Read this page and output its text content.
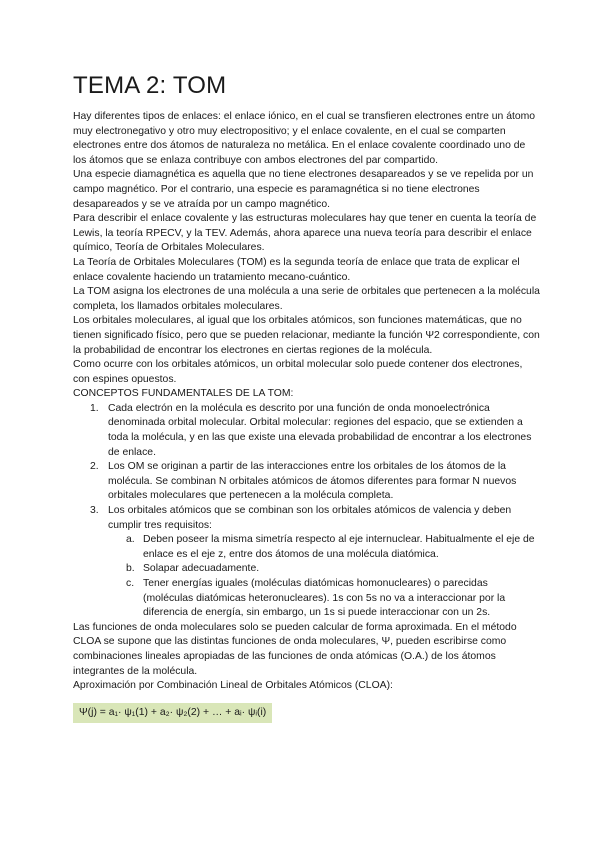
TEMA 2: TOM

Hay diferentes tipos de enlaces: el enlace iónico, en el cual se transfieren electrones entre un átomo muy electronegativo y otro muy electropositivo; y el enlace covalente, en el cual se comparten electrones entre dos átomos de naturaleza no metálica. En el enlace covalente coordinado uno de los átomos que se enlaza contribuye con ambos electrones del par compartido.

Una especie diamagnética es aquella que no tiene electrones desapareados y se ve repelida por un campo magnético. Por el contrario, una especie es paramagnética si no tiene electrones desapareados y se ve atraída por un campo magnético.

Para describir el enlace covalente y las estructuras moleculares hay que tener en cuenta la teoría de Lewis, la teoría RPECV, y la TEV. Además, ahora aparece una nueva teoría para describir el enlace químico, Teoría de Orbitales Moleculares.

La Teoría de Orbitales Moleculares (TOM) es la segunda teoría de enlace que trata de explicar el enlace covalente haciendo un tratamiento mecano-cuántico.

La TOM asigna los electrones de una molécula a una serie de orbitales que pertenecen a la molécula completa, los llamados orbitales moleculares.

Los orbitales moleculares, al igual que los orbitales atómicos, son funciones matemáticas, que no tienen significado físico, pero que se pueden relacionar, mediante la función Ψ2 correspondiente, con la probabilidad de encontrar los electrones en ciertas regiones de la molécula.

Como ocurre con los orbitales atómicos, un orbital molecular solo puede contener dos electrones, con espines opuestos.

CONCEPTOS FUNDAMENTALES DE LA TOM:

1. Cada electrón en la molécula es descrito por una función de onda monoelectrónica denominada orbital molecular. Orbital molecular: regiones del espacio, que se extienden a toda la molécula, y en las que existe una elevada probabilidad de encontrar a los electrones de enlace.
2. Los OM se originan a partir de las interacciones entre los orbitales de los átomos de la molécula. Se combinan N orbitales atómicos de átomos diferentes para formar N nuevos orbitales moleculares que pertenecen a la molécula completa.
3. Los orbitales atómicos que se combinan son los orbitales atómicos de valencia y deben cumplir tres requisitos:
a. Deben poseer la misma simetría respecto al eje internuclear. Habitualmente el eje de enlace es el eje z, entre dos átomos de una molécula diatómica.
b. Solapar adecuadamente.
c. Tener energías iguales (moléculas diatómicas homonucleares) o parecidas (moléculas diatómicas heteronucleares). 1s con 5s no va a interaccionar por la diferencia de energía, sin embargo, un 1s si puede interaccionar con un 2s.

Las funciones de onda moleculares solo se pueden calcular de forma aproximada. En el método CLOA se supone que las distintas funciones de onda moleculares, Ψ, pueden escribirse como combinaciones lineales apropiadas de las funciones de onda atómicas (O.A.) de los átomos integrantes de la molécula.

Aproximación por Combinación Lineal de Orbitales Atómicos (CLOA):

Ψ(j) = a₁· ψ₁(1) + a₂· ψ₂(2) + … + aᵢ· ψᵢ(i)
